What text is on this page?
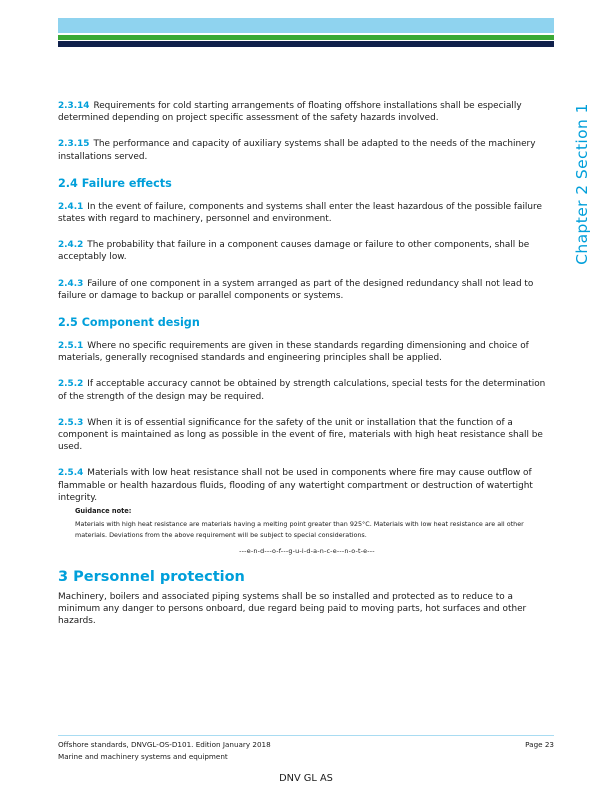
Chapter 2 Section 1

2.3.14 Requirements for cold starting arrangements of floating offshore installations shall be especially determined depending on project specific assessment of the safety hazards involved.

2.3.15 The performance and capacity of auxiliary systems shall be adapted to the needs of the machinery installations served.

2.4 Failure effects

2.4.1 In the event of failure, components and systems shall enter the least hazardous of the possible failure states with regard to machinery, personnel and environment.

2.4.2 The probability that failure in a component causes damage or failure to other components, shall be acceptably low.

2.4.3 Failure of one component in a system arranged as part of the designed redundancy shall not lead to failure or damage to backup or parallel components or systems.

2.5 Component design

2.5.1 Where no specific requirements are given in these standards regarding dimensioning and choice of materials, generally recognised standards and engineering principles shall be applied.

2.5.2 If acceptable accuracy cannot be obtained by strength calculations, special tests for the determination of the strength of the design may be required.

2.5.3 When it is of essential significance for the safety of the unit or installation that the function of a component is maintained as long as possible in the event of fire, materials with high heat resistance shall be used.

2.5.4 Materials with low heat resistance shall not be used in components where fire may cause outflow of flammable or health hazardous fluids, flooding of any watertight compartment or destruction of watertight integrity.

Guidance note:
Materials with high heat resistance are materials having a melting point greater than 925°C. Materials with low heat resistance are all other materials. Deviations from the above requirement will be subject to special considerations.
---e-n-d---o-f---g-u-i-d-a-n-c-e---n-o-t-e---
3 Personnel protection

Machinery, boilers and associated piping systems shall be so installed and protected as to reduce to a minimum any danger to persons onboard, due regard being paid to moving parts, hot surfaces and other hazards.

Offshore standards, DNVGL-OS-D101. Edition January 2018
Marine and machinery systems and equipment
Page 23
DNV GL AS
